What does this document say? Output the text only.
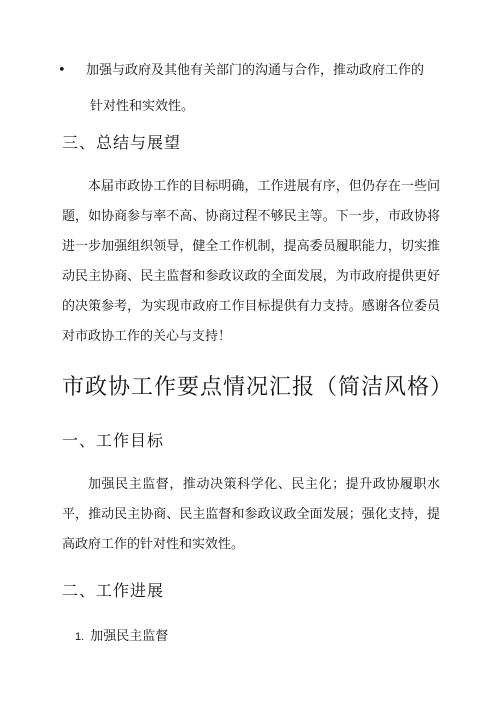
•	加强与政府及其他有关部门的沟通与合作，推动政府工作的
针对性和实效性。
三、总结与展望

本届市政协工作的目标明确，工作进展有序，但仍存在一些问题，如协商参与率不高、协商过程不够民主等。下一步，市政协将进一步加强组织领导，健全工作机制，提高委员履职能力，切实推动民主协商、民主监督和参政议政的全面发展，为市政府提供更好的决策参考，为实现市政府工作目标提供有力支持。感谢各位委员对市政协工作的关心与支持！

市政协工作要点情况汇报（简洁风格）
一、工作目标

加强民主监督，推动决策科学化、民主化；提升政协履职水平，推动民主协商、民主监督和参政议政全面发展；强化支持，提高政府工作的针对性和实效性。

二、工作进展
1. 加强民主监督
